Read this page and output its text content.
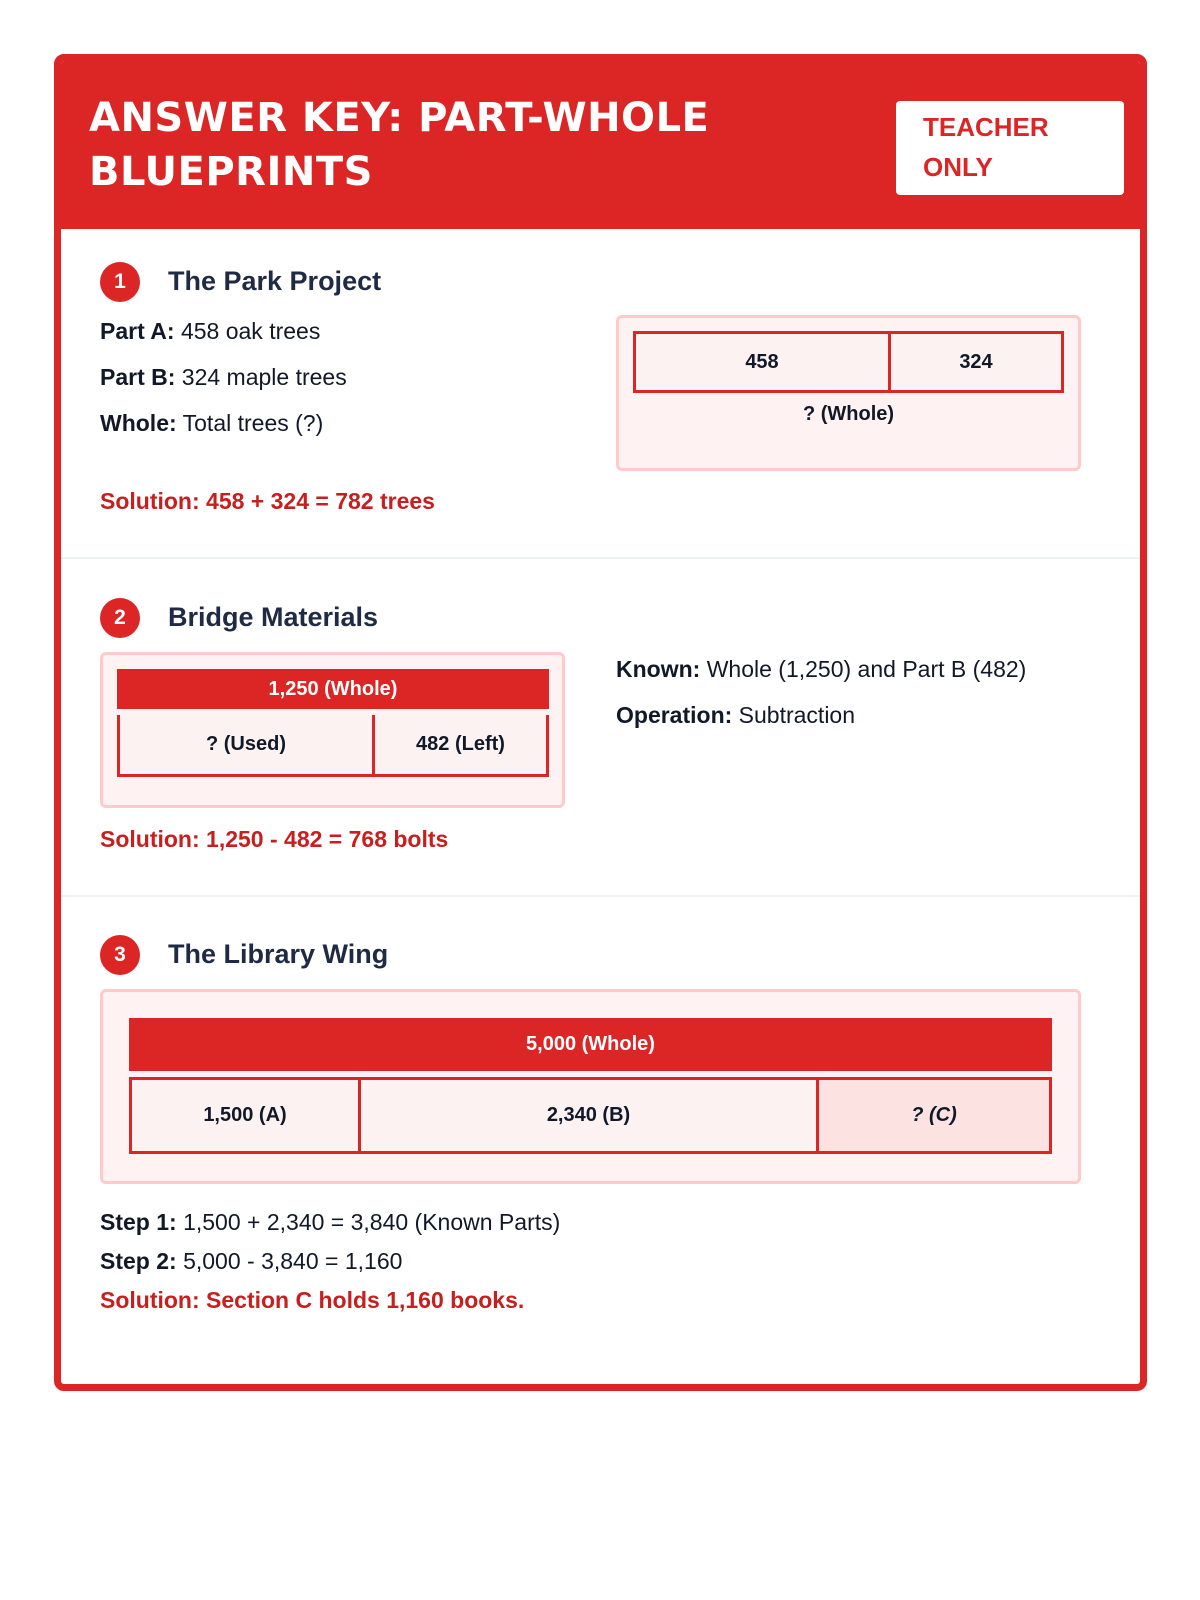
ANSWER KEY: PART-WHOLE
BLUEPRINTS
TEACHER
ONLY
1	The Park Project
Part A: 458 oak trees
Part B: 324 maple trees
Whole: Total trees (?)
Solution: 458 + 324 = 782 trees
458	324
? (Whole)
2	Bridge Materials
1,250 (Whole)
? (Used)	482 (Left)
Known: Whole (1,250) and Part B (482)
Operation: Subtraction
Solution: 1,250 - 482 = 768 bolts
3	The Library Wing
5,000 (Whole)
1,500 (A)	2,340 (B)	? (C)
Step 1: 1,500 + 2,340 = 3,840 (Known Parts)
Step 2: 5,000 - 3,840 = 1,160
Solution: Section C holds 1,160 books.
